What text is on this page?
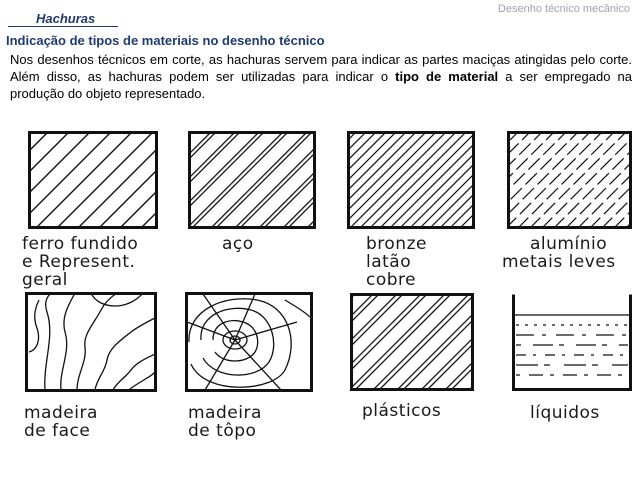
Desenho técnico mecânico
Hachuras
Indicação de tipos de materiais no desenho técnico
Nos desenhos técnicos em corte, as hachuras servem para indicar as partes maciças atingidas pelo corte. Além disso, as hachuras podem ser utilizadas para indicar o tipo de material a ser empregado na produção do objeto representado.
ferro fundido
e Represent.
geral
aço	bronze
latão
cobre
alumínio
metais leves
madeira
de face
madeira
de tôpo
plásticos	líquidos
